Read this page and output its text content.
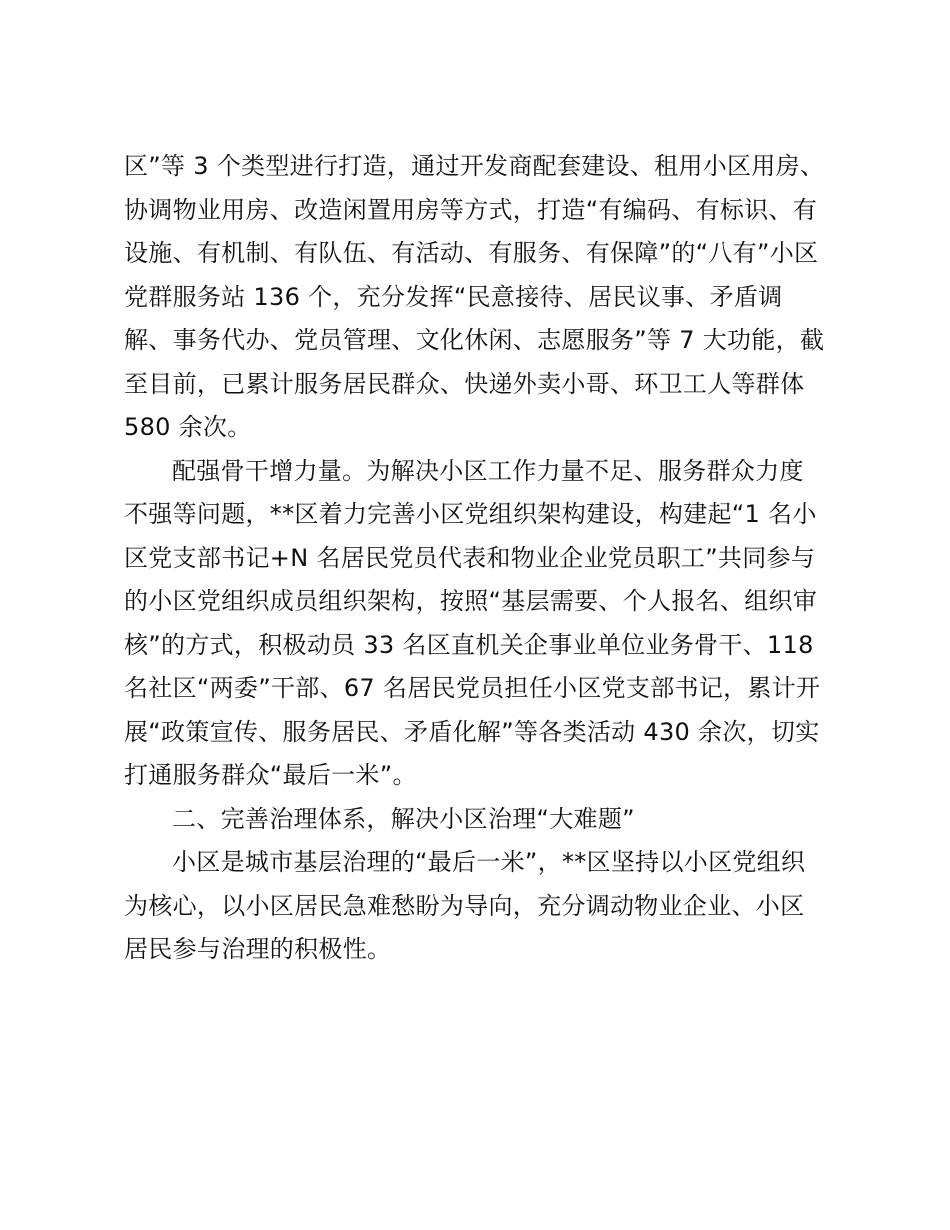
区”等 3 个类型进行打造，通过开发商配套建设、租用小区用房、
协调物业用房、改造闲置用房等方式，打造“有编码、有标识、有
设施、有机制、有队伍、有活动、有服务、有保障”的“八有”小区
党群服务站 136 个，充分发挥“民意接待、居民议事、矛盾调
解、事务代办、党员管理、文化休闲、志愿服务”等 7 大功能，截
至目前，已累计服务居民群众、快递外卖小哥、环卫工人等群体
580 余次。
配强骨干增力量。为解决小区工作力量不足、服务群众力度
不强等问题，**区着力完善小区党组织架构建设，构建起“1 名小
区党支部书记+N 名居民党员代表和物业企业党员职工”共同参与
的小区党组织成员组织架构，按照“基层需要、个人报名、组织审
核”的方式，积极动员 33 名区直机关企事业单位业务骨干、118
名社区“两委”干部、67 名居民党员担任小区党支部书记，累计开
展“政策宣传、服务居民、矛盾化解”等各类活动 430 余次，切实
打通服务群众“最后一米”。
二、完善治理体系，解决小区治理“大难题”
小区是城市基层治理的“最后一米”，**区坚持以小区党组织
为核心，以小区居民急难愁盼为导向，充分调动物业企业、小区
居民参与治理的积极性。
